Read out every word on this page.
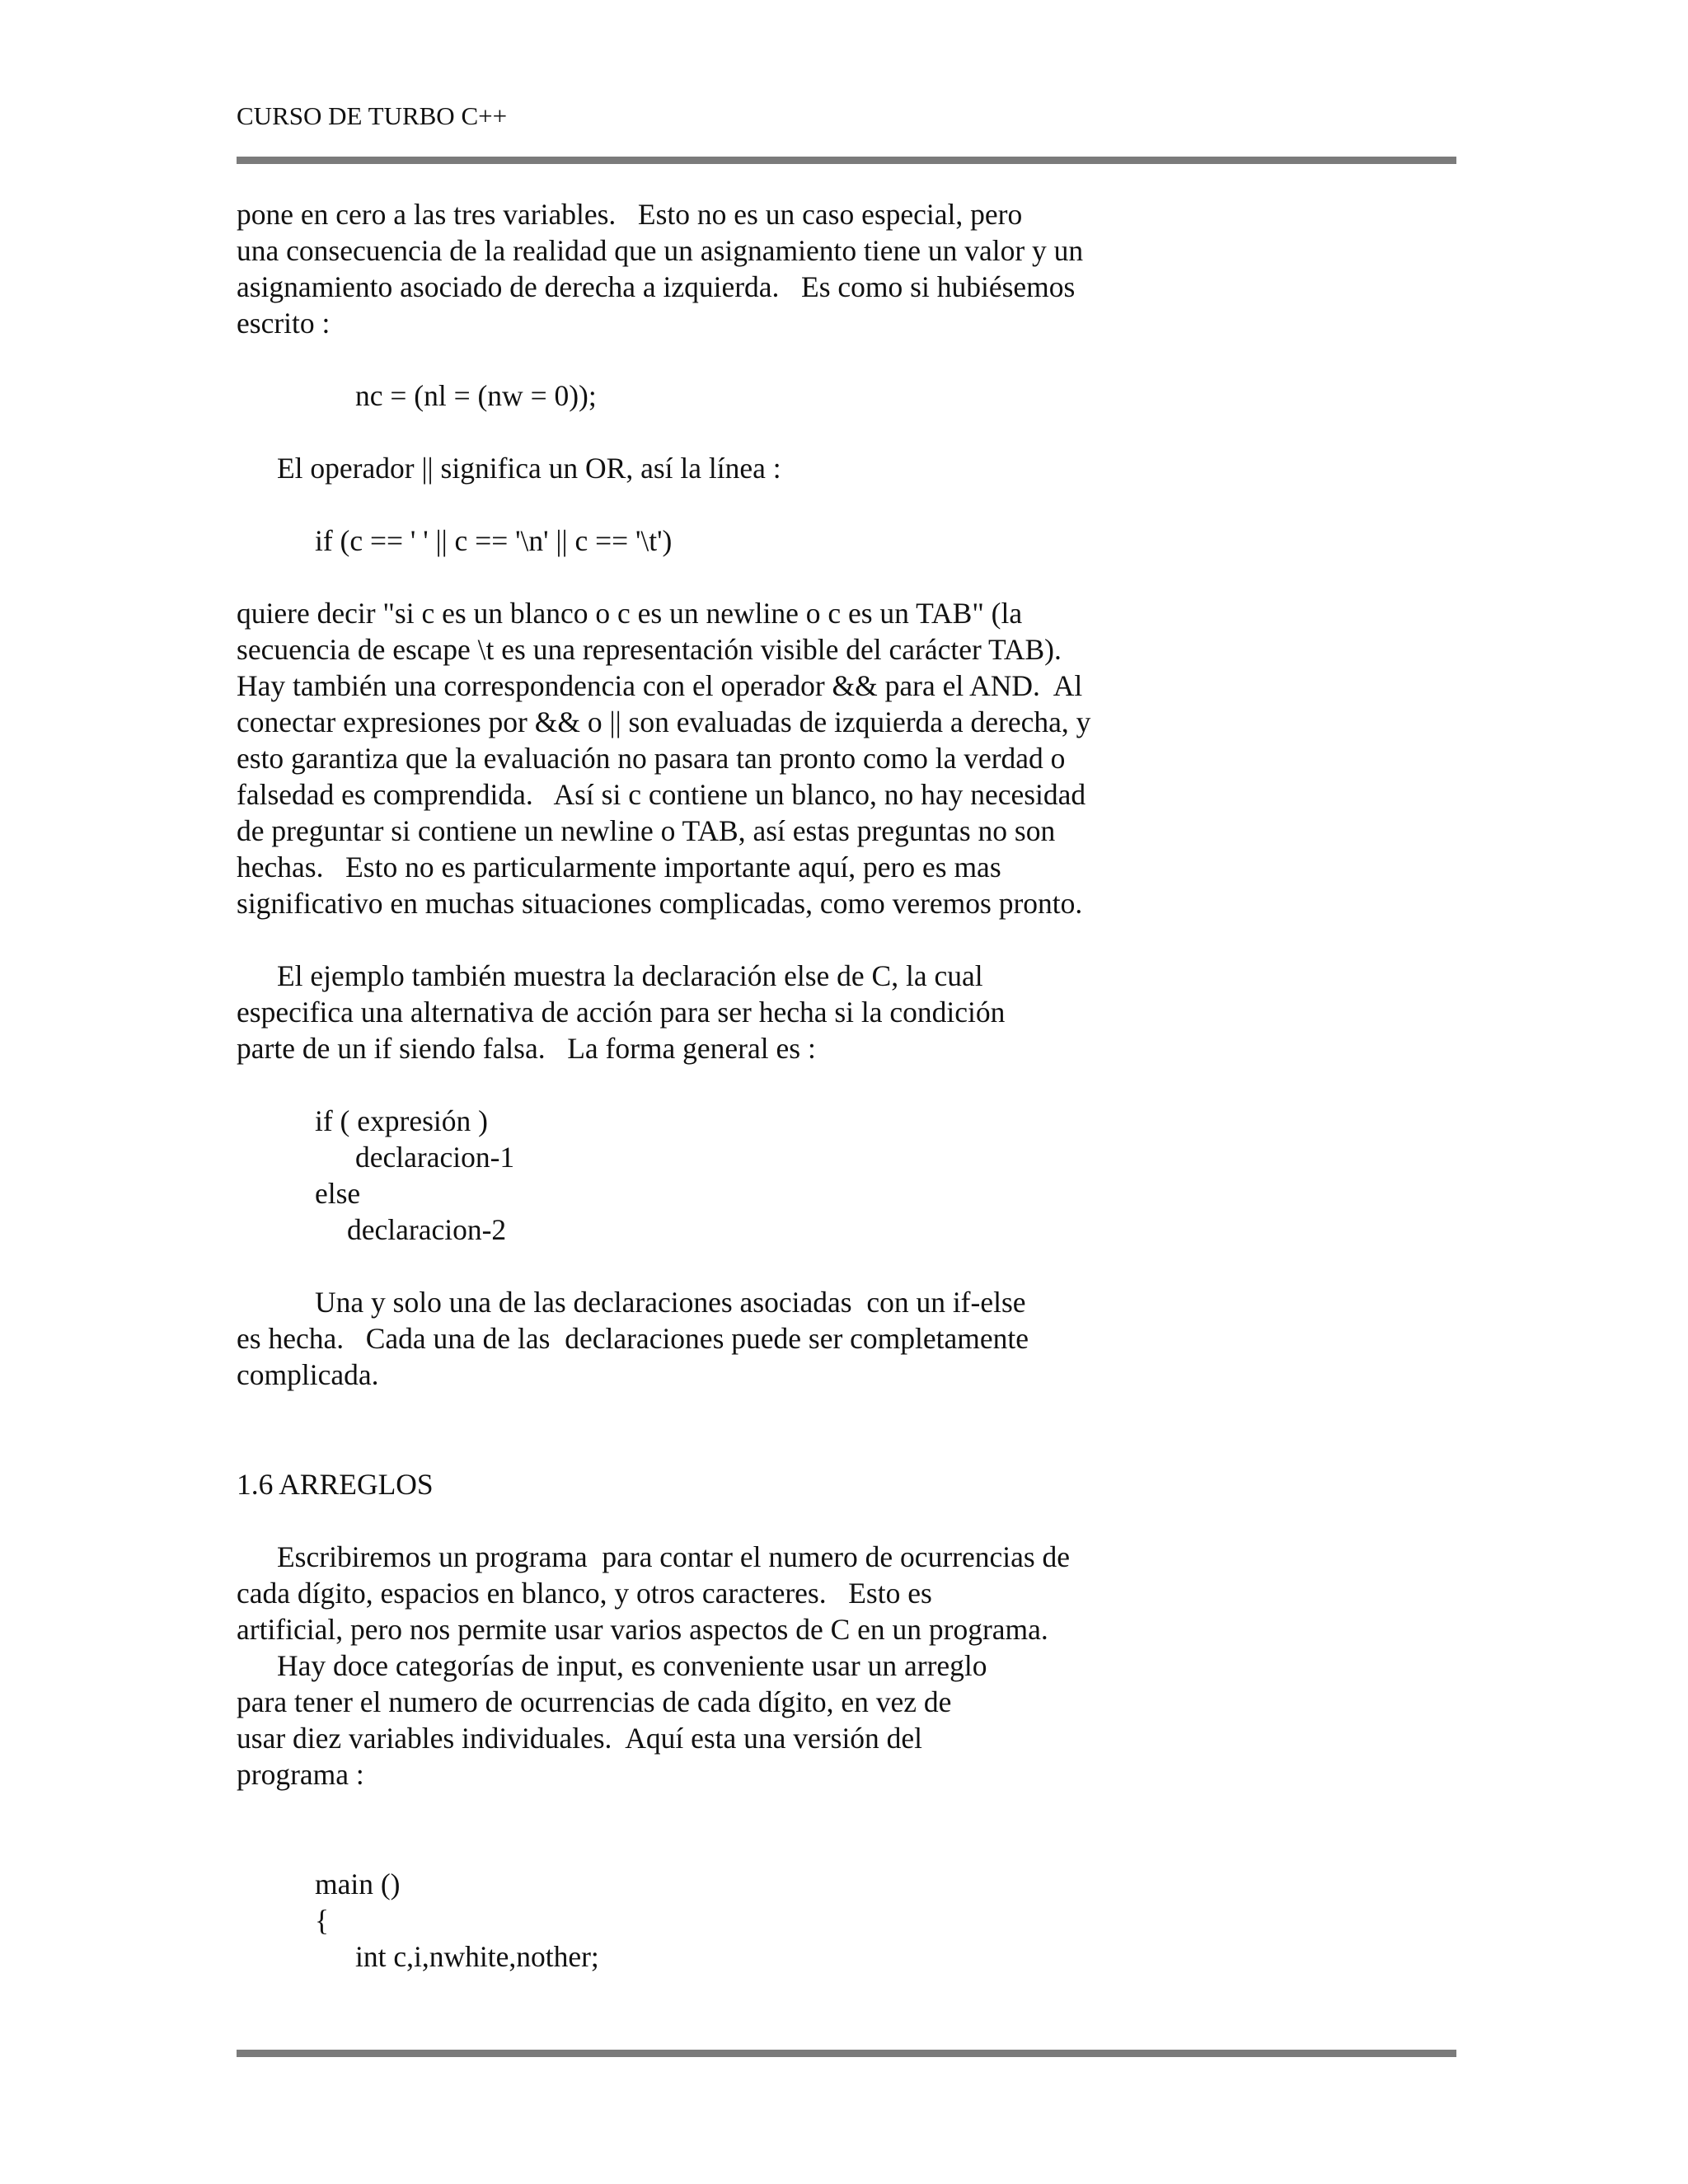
CURSO DE TURBO C++
pone en cero a las tres variables.   Esto no es un caso especial, pero
una consecuencia de la realidad que un asignamiento tiene un valor y un
asignamiento asociado de derecha a izquierda.   Es como si hubiésemos
escrito :
nc = (nl = (nw = 0));
El operador || significa un OR, así la línea :
if (c == ' ' || c == '\n' || c == '\t')
quiere decir "si c es un blanco o c es un newline o c es un TAB" (la
secuencia de escape \t es una representación visible del carácter TAB).
Hay también una correspondencia con el operador && para el AND.  Al
conectar expresiones por && o || son evaluadas de izquierda a derecha, y
esto garantiza que la evaluación no pasara tan pronto como la verdad o
falsedad es comprendida.   Así si c contiene un blanco, no hay necesidad
de preguntar si contiene un newline o TAB, así estas preguntas no son
hechas.   Esto no es particularmente importante aquí, pero es mas
significativo en muchas situaciones complicadas, como veremos pronto.
El ejemplo también muestra la declaración else de C, la cual
especifica una alternativa de acción para ser hecha si la condición
parte de un if siendo falsa.   La forma general es :
if ( expresión )
declaracion-1
else
declaracion-2
Una y solo una de las declaraciones asociadas  con un if-else
es hecha.   Cada una de las  declaraciones puede ser completamente
complicada.
1.6 ARREGLOS
Escribiremos un programa  para contar el numero de ocurrencias de
cada dígito, espacios en blanco, y otros caracteres.   Esto es
artificial, pero nos permite usar varios aspectos de C en un programa.
Hay doce categorías de input, es conveniente usar un arreglo
para tener el numero de ocurrencias de cada dígito, en vez de
usar diez variables individuales.  Aquí esta una versión del
programa :
main ()
{
int c,i,nwhite,nother;
